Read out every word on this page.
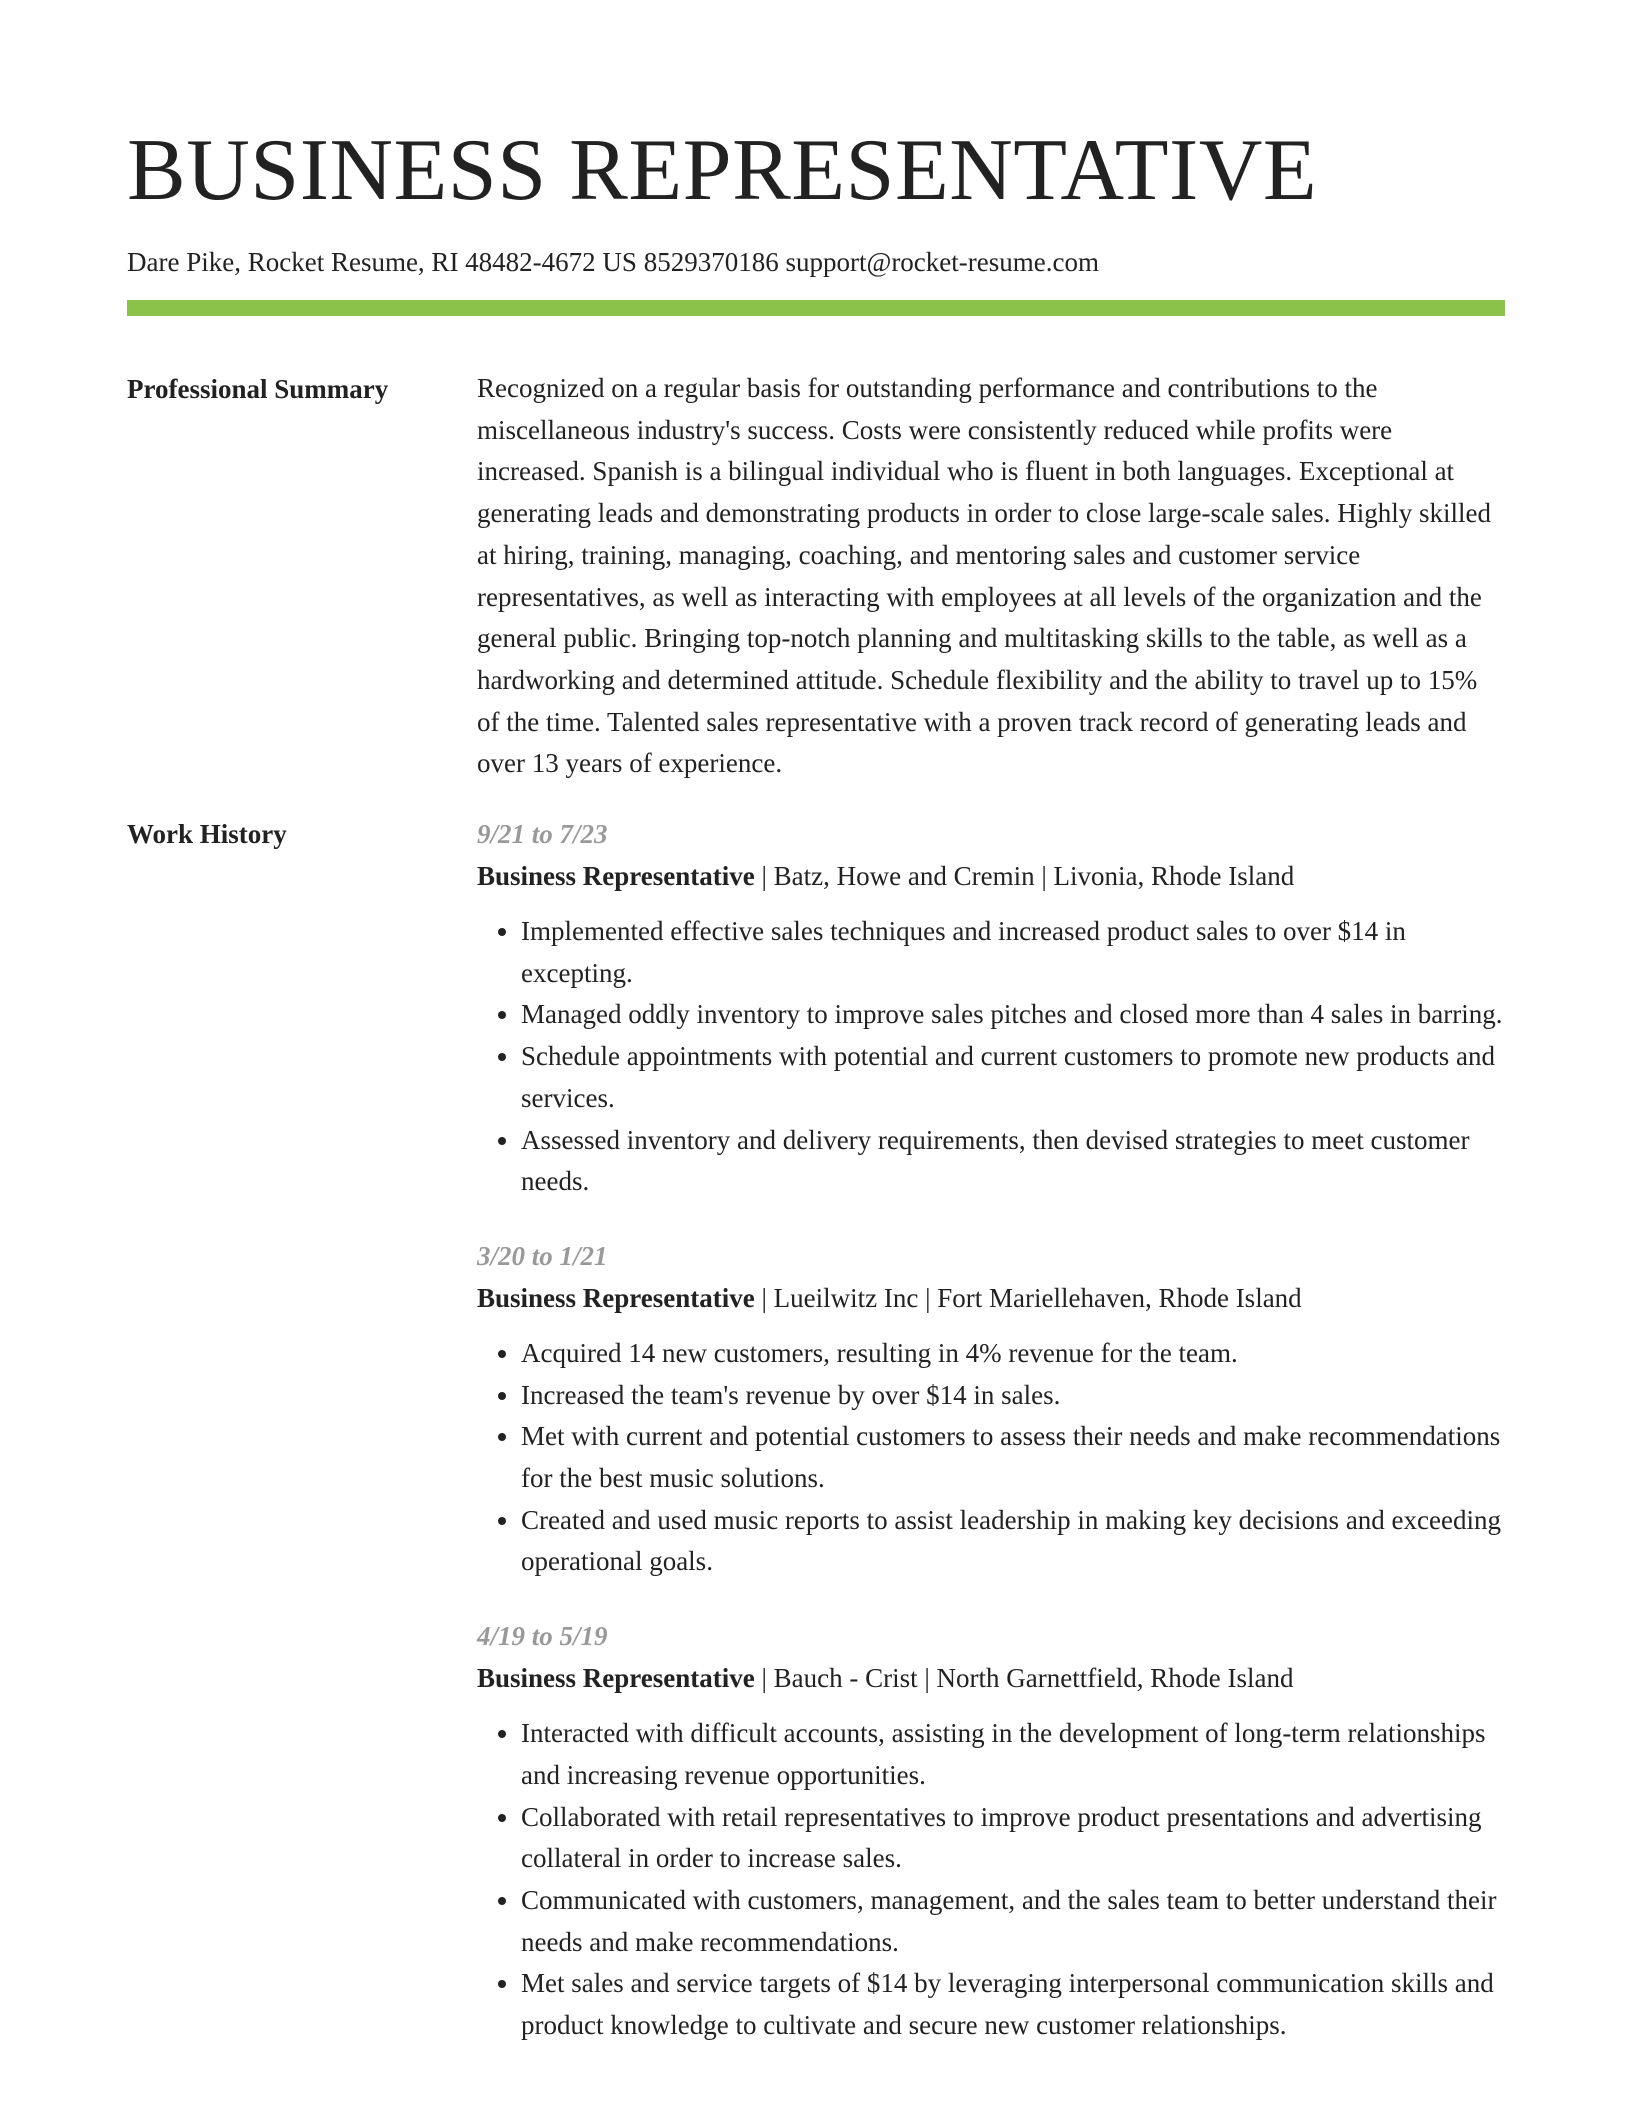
BUSINESS REPRESENTATIVE
Dare Pike, Rocket Resume, RI 48482-4672 US 8529370186 support@rocket-resume.com
Professional Summary	Recognized on a regular basis for outstanding performance and contributions to the miscellaneous industry's success. Costs were consistently reduced while profits were increased. Spanish is a bilingual individual who is fluent in both languages. Exceptional at generating leads and demonstrating products in order to close large-scale sales. Highly skilled at hiring, training, managing, coaching, and mentoring sales and customer service representatives, as well as interacting with employees at all levels of the organization and the general public. Bringing top-notch planning and multitasking skills to the table, as well as a hardworking and determined attitude. Schedule flexibility and the ability to travel up to 15% of the time. Talented sales representative with a proven track record of generating leads and over 13 years of experience.

Work History	9/21 to 7/23
Business Representative | Batz, Howe and Cremin | Livonia, Rhode Island
• Implemented effective sales techniques and increased product sales to over $14 in excepting.
• Managed oddly inventory to improve sales pitches and closed more than 4 sales in barring.
• Schedule appointments with potential and current customers to promote new products and services.
• Assessed inventory and delivery requirements, then devised strategies to meet customer needs.
3/20 to 1/21
Business Representative | Lueilwitz Inc | Fort Mariellehaven, Rhode Island
• Acquired 14 new customers, resulting in 4% revenue for the team.
• Increased the team's revenue by over $14 in sales.
• Met with current and potential customers to assess their needs and make recommendations for the best music solutions.
• Created and used music reports to assist leadership in making key decisions and exceeding operational goals.
4/19 to 5/19
Business Representative | Bauch - Crist | North Garnettfield, Rhode Island
• Interacted with difficult accounts, assisting in the development of long-term relationships and increasing revenue opportunities.
• Collaborated with retail representatives to improve product presentations and advertising collateral in order to increase sales.
• Communicated with customers, management, and the sales team to better understand their needs and make recommendations.
• Met sales and service targets of $14 by leveraging interpersonal communication skills and product knowledge to cultivate and secure new customer relationships.
